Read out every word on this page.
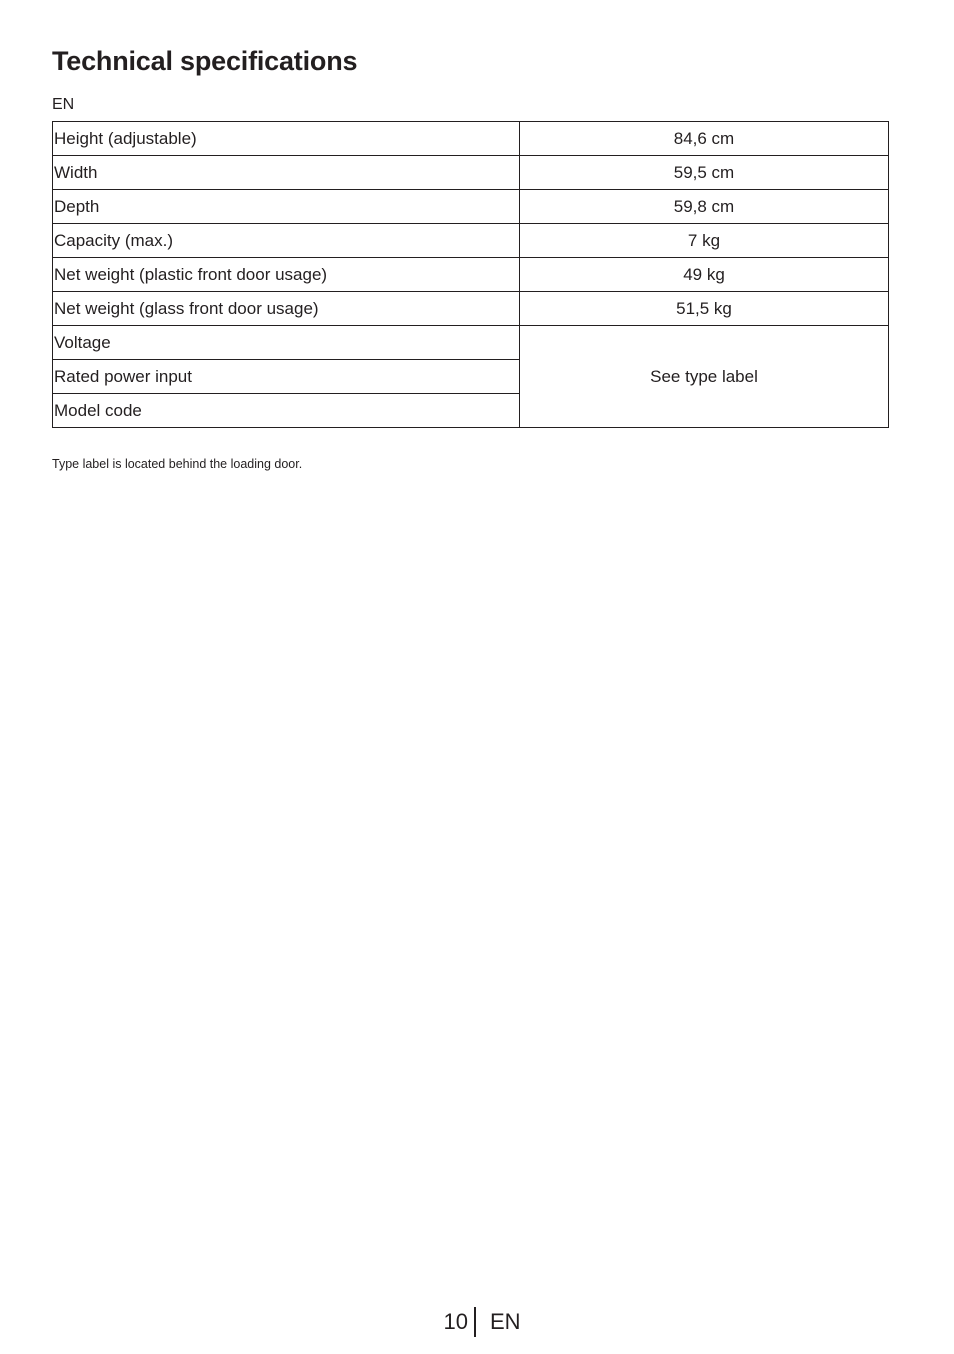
Technical specifications
EN
Height (adjustable)	84,6 cm
Width	59,5 cm
Depth	59,8 cm
Capacity (max.)	7 kg
Net weight (plastic front door usage)	49 kg
Net weight (glass front door usage)	51,5 kg
Voltage	See type label
Rated power input	
Model code	
Type label is located behind the loading door.
10 EN
